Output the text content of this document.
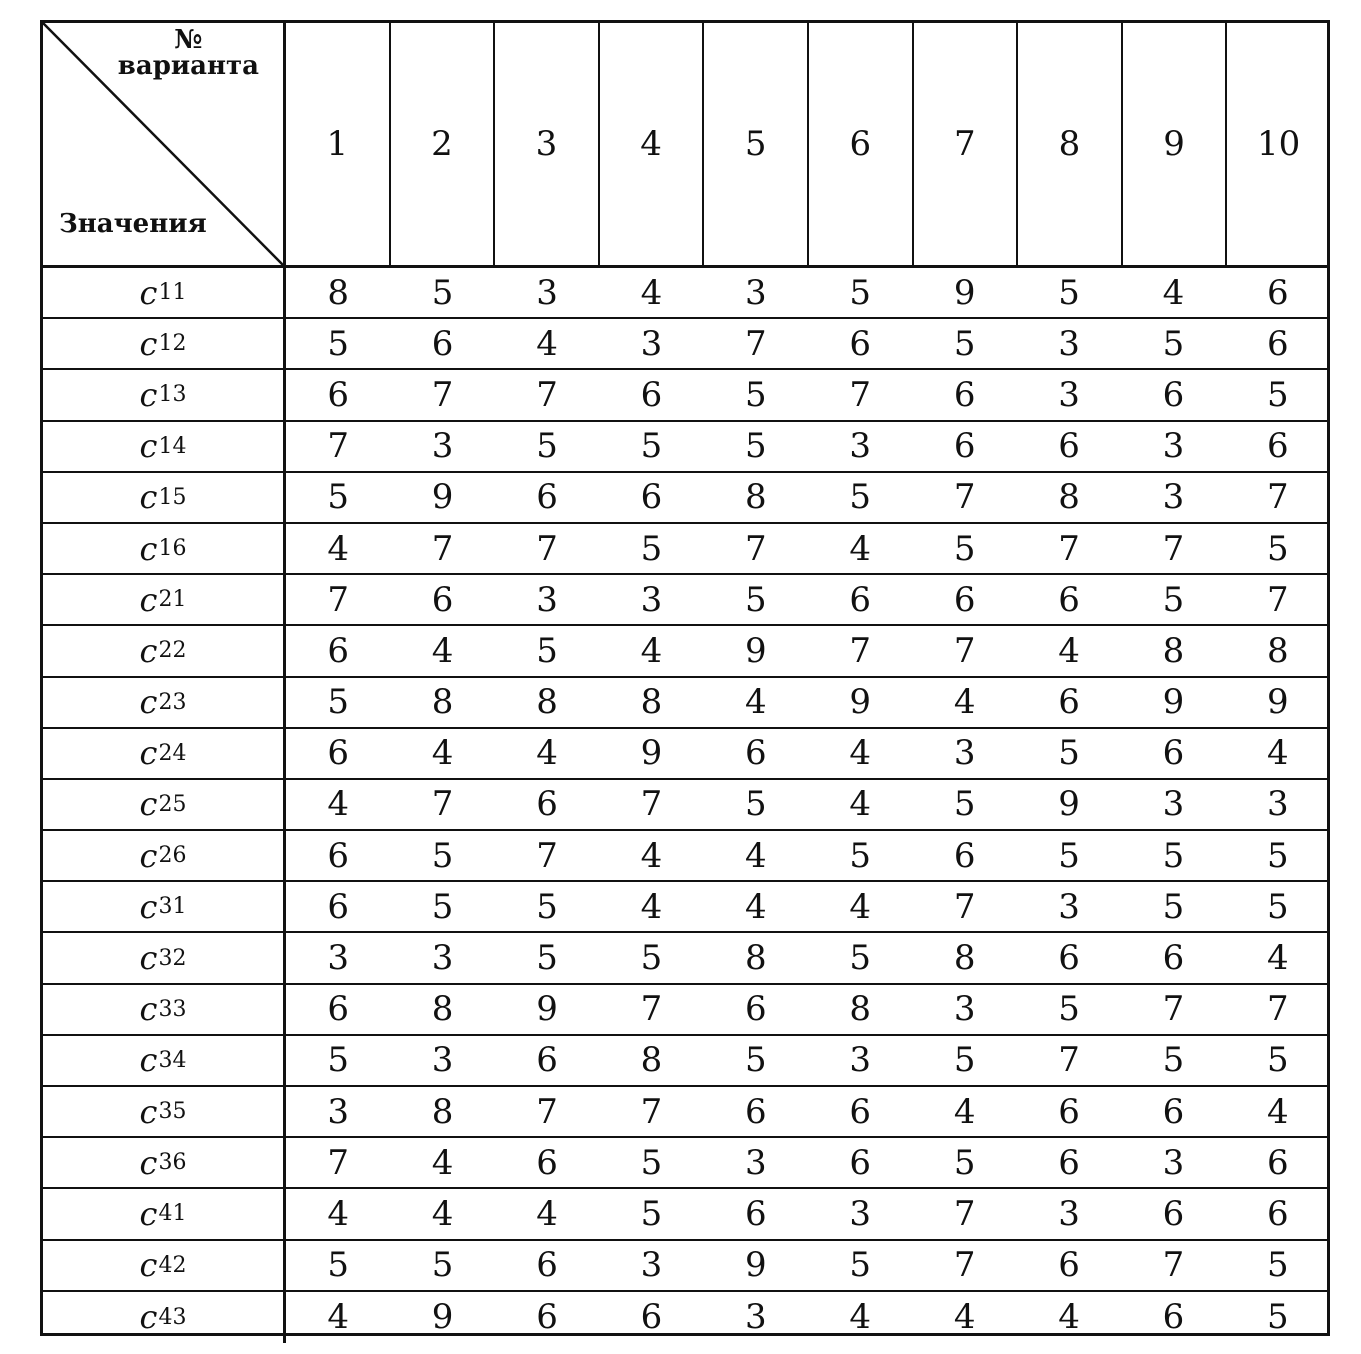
№
варианта
Значения
1	2	3	4	5	6	7	8	9	10
c 11	8	5	3	4	3	5	9	5	4	6
c 12	5	6	4	3	7	6	5	3	5	6
c 13	6	7	7	6	5	7	6	3	6	5
c 14	7	3	5	5	5	3	6	6	3	6
c 15	5	9	6	6	8	5	7	8	3	7
c 16	4	7	7	5	7	4	5	7	7	5
c 21	7	6	3	3	5	6	6	6	5	7
c 22	6	4	5	4	9	7	7	4	8	8
c 23	5	8	8	8	4	9	4	6	9	9
c 24	6	4	4	9	6	4	3	5	6	4
c 25	4	7	6	7	5	4	5	9	3	3
c 26	6	5	7	4	4	5	6	5	5	5
c 31	6	5	5	4	4	4	7	3	5	5
c 32	3	3	5	5	8	5	8	6	6	4
c 33	6	8	9	7	6	8	3	5	7	7
c 34	5	3	6	8	5	3	5	7	5	5
c 35	3	8	7	7	6	6	4	6	6	4
c 36	7	4	6	5	3	6	5	6	3	6
c 41	4	4	4	5	6	3	7	3	6	6
c 42	5	5	6	3	9	5	7	6	7	5
c 43	4	9	6	6	3	4	4	4	6	5
